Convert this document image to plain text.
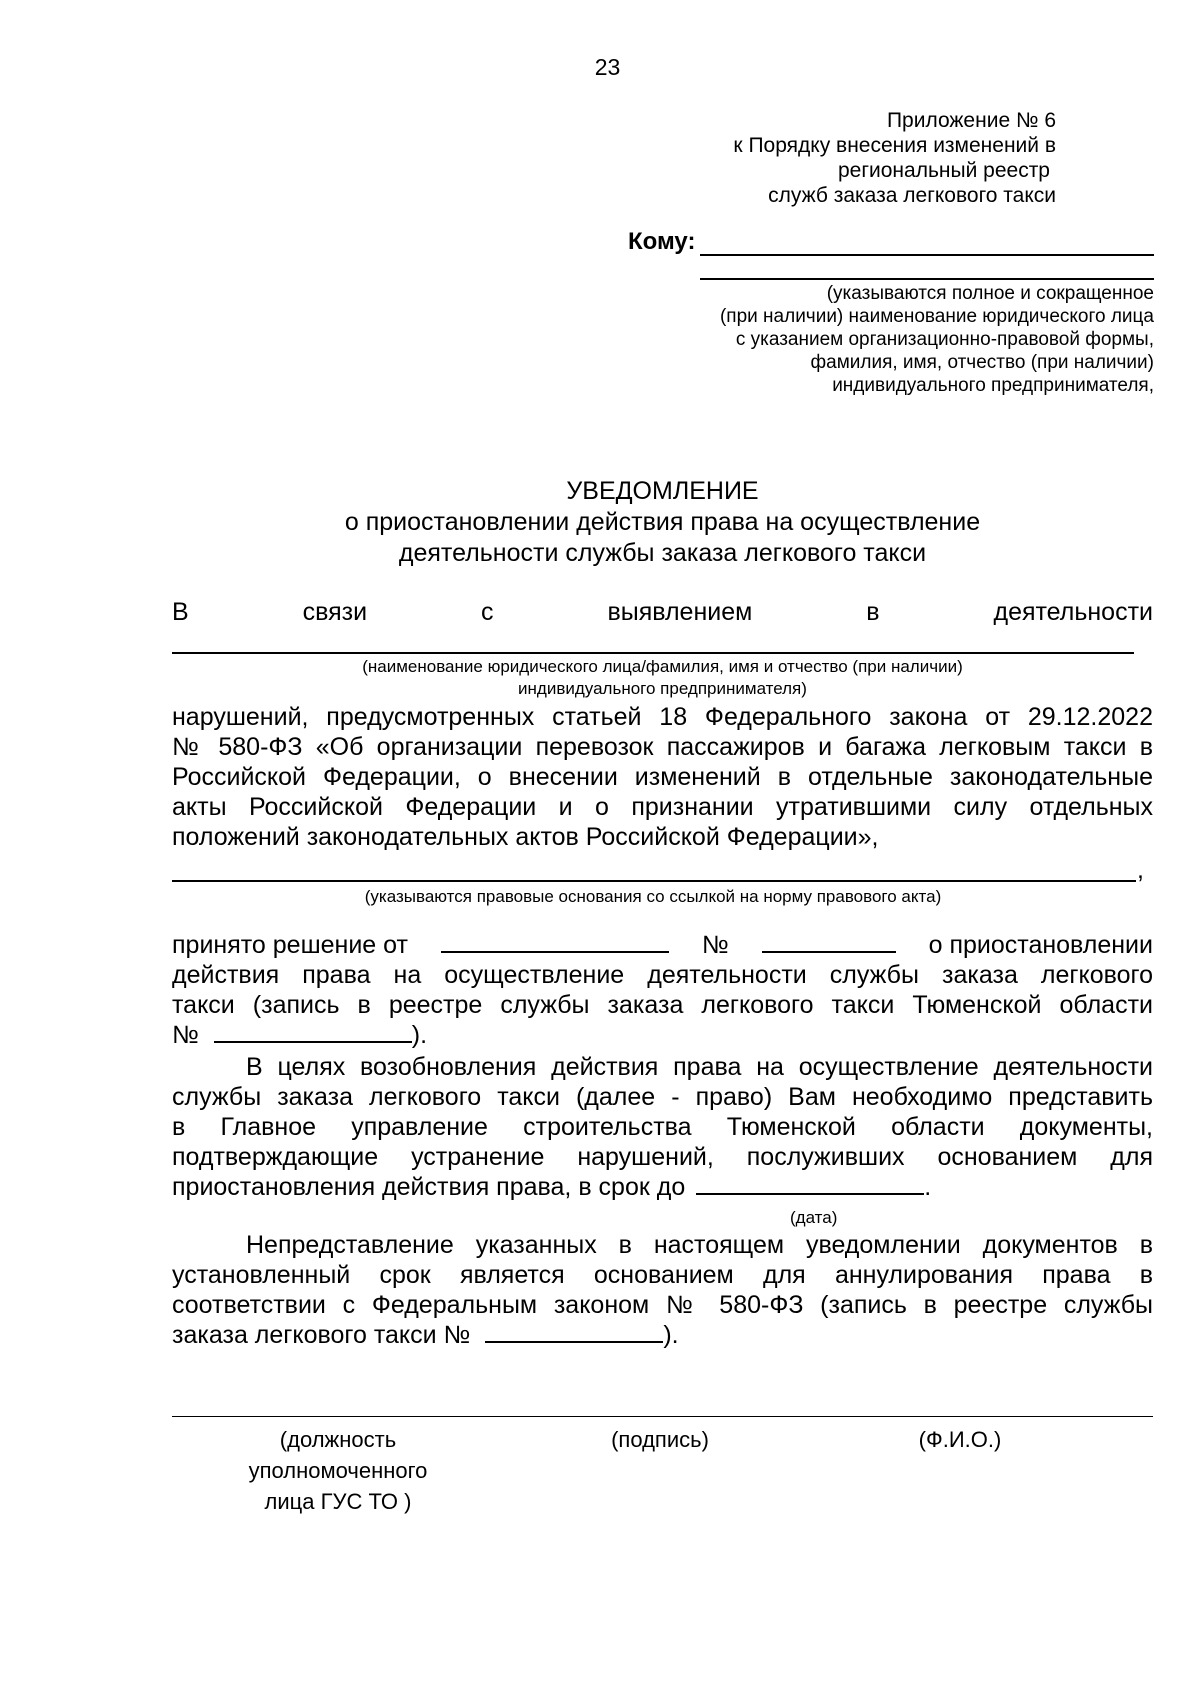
23
Приложение № 6
к Порядку внесения изменений в
региональный реестр
служб заказа легкового такси
Кому:
(указываются полное и сокращенное
(при наличии) наименование юридического лица
с указанием организационно-правовой формы,
фамилия, имя, отчество (при наличии)
индивидуального предпринимателя,
УВЕДОМЛЕНИЕ
о приостановлении действия права на осуществление
деятельности службы заказа легкового такси
В	связи	с	выявлением	в	деятельности
(наименование юридического лица/фамилия, имя и отчество (при наличии)
индивидуального предпринимателя)
нарушений, предусмотренных статьей 18 Федерального закона от 29.12.2022
№ 580-ФЗ «Об организации перевозок пассажиров и багажа легковым такси в
Российской Федерации, о внесении изменений в отдельные законодательные
акты Российской Федерации и о признании утратившими силу отдельных
положений законодательных актов Российской Федерации»,
,
(указываются правовые основания со ссылкой на норму правового акта)
принято решение от	№	о приостановлении
действия права на осуществление деятельности службы заказа легкового
такси (запись в реестре службы заказа легкового такси Тюменской области
№	).
В целях возобновления действия права на осуществление деятельности
службы заказа легкового такси (далее - право) Вам необходимо представить
в Главное управление строительства Тюменской области документы,
подтверждающие устранение нарушений, послуживших основанием для
приостановления действия права, в срок до	.
(дата)
Непредставление указанных в настоящем уведомлении документов в
установленный срок является основанием для аннулирования права в
соответствии с Федеральным законом № 580-ФЗ (запись в реестре службы
заказа легкового такси №	).
(должность
уполномоченного
лица ГУС ТО )
(подпись)	(Ф.И.О.)
